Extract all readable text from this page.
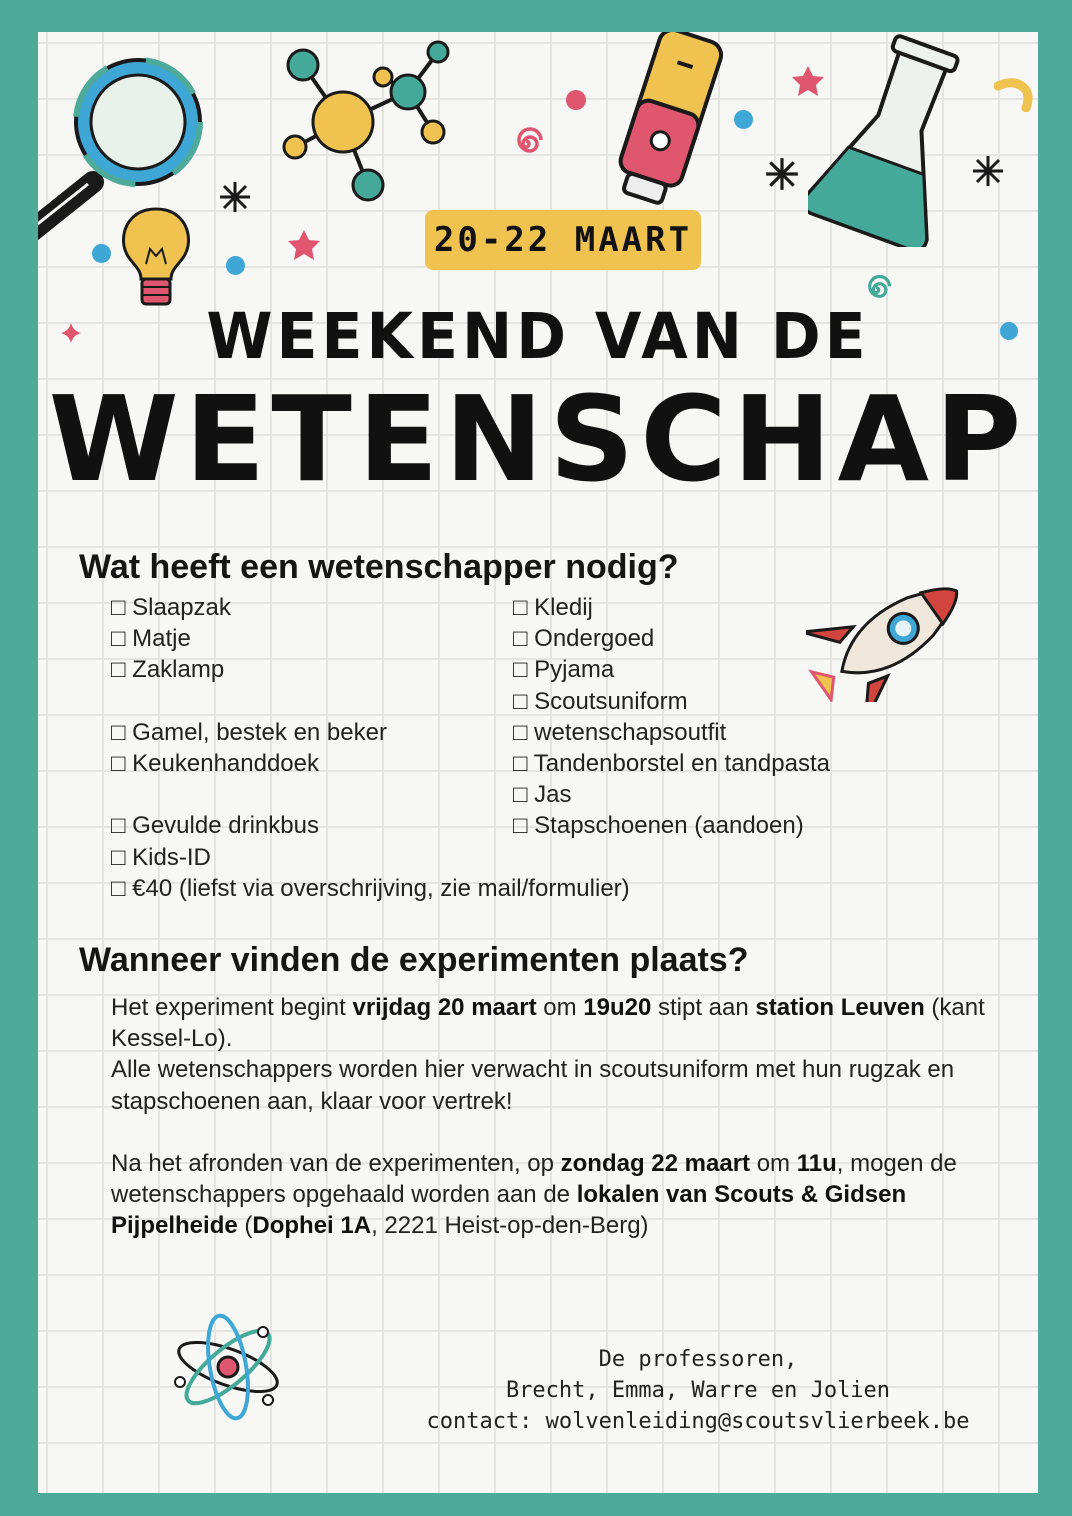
20-22 MAART
WEEKEND VAN DE
WETENSCHAP
Wat heeft een wetenschapper nodig?
□ Slaapzak
□ Matje
□ Zaklamp
□ Gamel, bestek en beker
□ Keukenhanddoek
□ Gevulde drinkbus
□ Kids-ID
□ €40 (liefst via overschrijving, zie mail/formulier)
□ Kledij
□ Ondergoed
□ Pyjama
□ Scoutsuniform
□ wetenschapsoutfit
□ Tandenborstel en tandpasta
□ Jas
□ Stapschoenen (aandoen)
Wanneer vinden de experimenten plaats?

Het experiment begint vrijdag 20 maart om 19u20 stipt aan station Leuven (kant Kessel-Lo).
Alle wetenschappers worden hier verwacht in scoutsuniform met hun rugzak en stapschoenen aan, klaar voor vertrek!

Na het afronden van de experimenten, op zondag 22 maart om 11u, mogen de wetenschappers opgehaald worden aan de lokalen van Scouts & Gidsen Pijpelheide (Dophei 1A, 2221 Heist-op-den-Berg)

De professoren,
Brecht, Emma, Warre en Jolien
contact: wolvenleiding@scoutsvlierbeek.be
